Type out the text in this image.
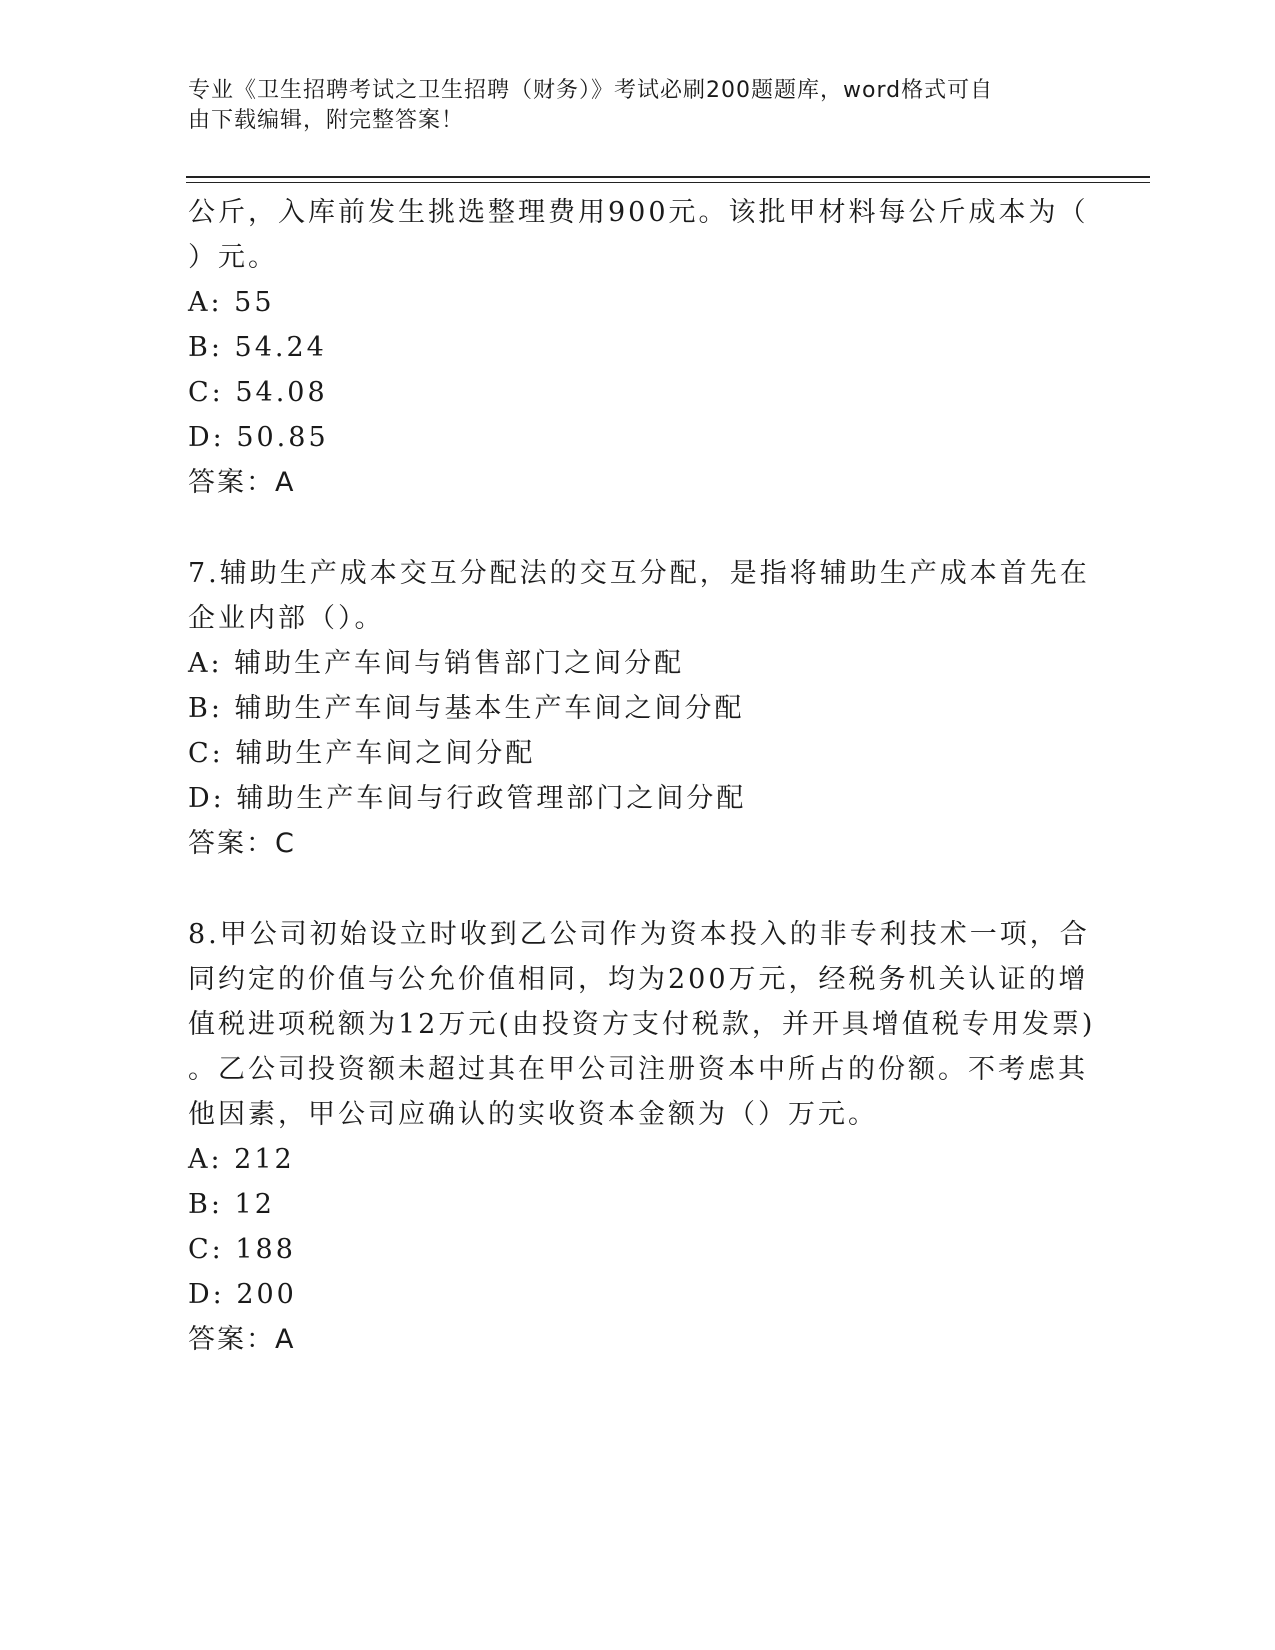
专业《卫生招聘考试之卫生招聘（财务）》考试必刷200题题库，word格式可自
由下载编辑，附完整答案！
公斤，入库前发生挑选整理费用900元。该批甲材料每公斤成本为（
）元。
A: 55
B: 54.24
C: 54.08
D: 50.85
答案：A
7.辅助生产成本交互分配法的交互分配，是指将辅助生产成本首先在
企业内部（）。
A: 辅助生产车间与销售部门之间分配
B: 辅助生产车间与基本生产车间之间分配
C: 辅助生产车间之间分配
D: 辅助生产车间与行政管理部门之间分配
答案：C
8.甲公司初始设立时收到乙公司作为资本投入的非专利技术一项，合
同约定的价值与公允价值相同，均为200万元，经税务机关认证的增
值税进项税额为12万元(由投资方支付税款，并开具增值税专用发票)
。乙公司投资额未超过其在甲公司注册资本中所占的份额。不考虑其
他因素，甲公司应确认的实收资本金额为（）万元。
A: 212
B: 12
C: 188
D: 200
答案：A
